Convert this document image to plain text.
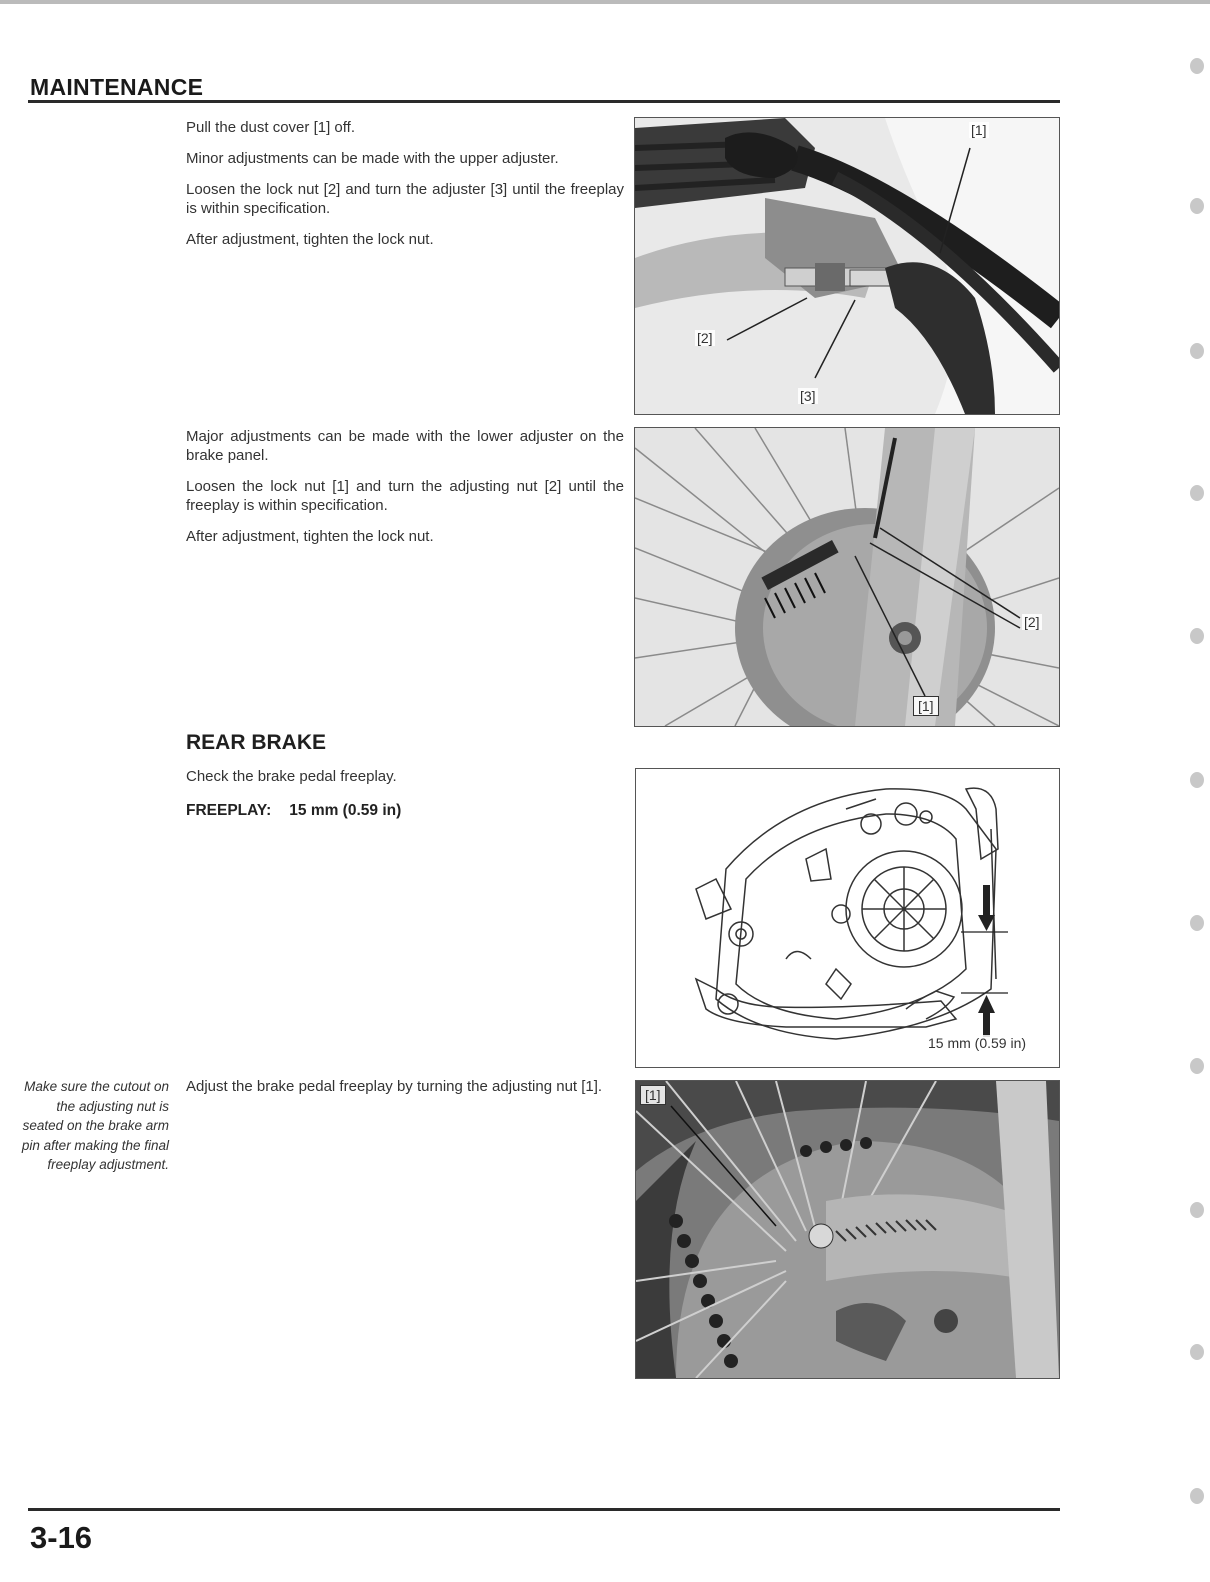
MAINTENANCE

Pull the dust cover [1] off.

Minor adjustments can be made with the upper adjuster.

Loosen the lock nut [2] and turn the adjuster [3] until the freeplay is within specification.

After adjustment, tighten the lock nut.

[1]
[2]
[3]

Major adjustments can be made with the lower adjuster on the brake panel.

Loosen the lock nut [1] and turn the adjusting nut [2] until the freeplay is within specification.

After adjustment, tighten the lock nut.

[2]
[1]
REAR BRAKE

Check the brake pedal freeplay.

FREEPLAY: 15 mm (0.59 in)
15 mm (0.59 in)
Make sure the cutout on the adjusting nut is seated on the brake arm pin after making the final freeplay adjustment.

Adjust the brake pedal freeplay by turning the adjusting nut [1].	[1]
3-16
